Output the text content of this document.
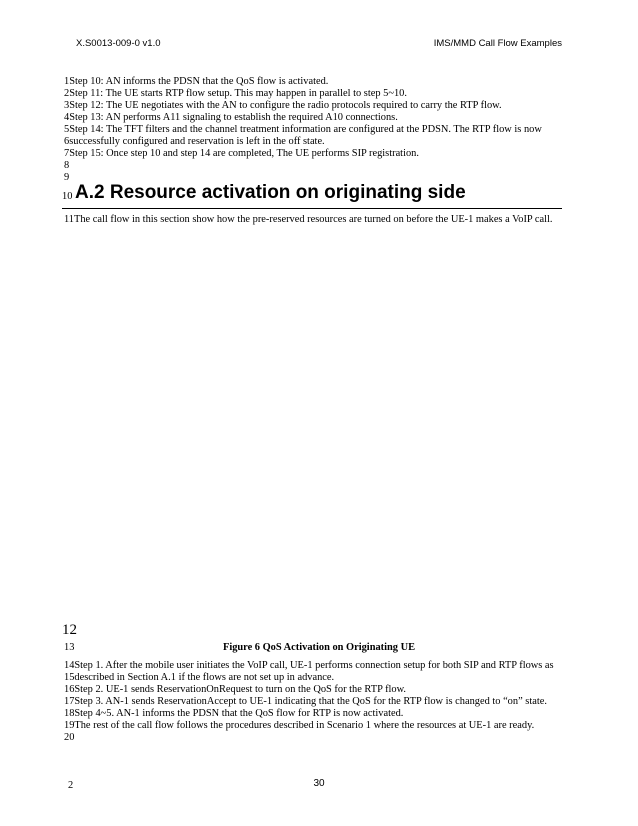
X.S0013-009-0 v1.0	IMS/MMD Call Flow Examples
1Step 10: AN informs the PDSN that the QoS flow is activated.
2Step 11: The UE starts RTP flow setup. This may happen in parallel to step 5~10.
3Step 12: The UE negotiates with the AN to configure the radio protocols required to carry the RTP flow.
4Step 13: AN performs A11 signaling to establish the required A10 connections.
5Step 14: The TFT filters and the channel treatment information are configured at the PDSN. The RTP flow is now
6successfully configured and reservation is left in the off state.
7Step 15: Once step 10 and step 14 are completed, The UE performs SIP registration.
8
9
10 A.2 Resource activation on originating side
11The call flow in this section show how the pre-reserved resources are turned on before the UE-1 makes a VoIP call.
12
13	Figure 6 QoS Activation on Originating UE
14Step 1. After the mobile user initiates the VoIP call, UE-1 performs connection setup for both SIP and RTP flows as
15described in Section A.1 if the flows are not set up in advance.
16Step 2. UE-1 sends ReservationOnRequest to turn on the QoS for the RTP flow.
17Step 3. AN-1 sends ReservationAccept to UE-1 indicating that the QoS for the RTP flow is changed to “on” state.
18Step 4~5. AN-1 informs the PDSN that the QoS flow for RTP is now activated.
19The rest of the call flow follows the procedures described in Scenario 1 where the resources at UE-1 are ready.
20
2	30
